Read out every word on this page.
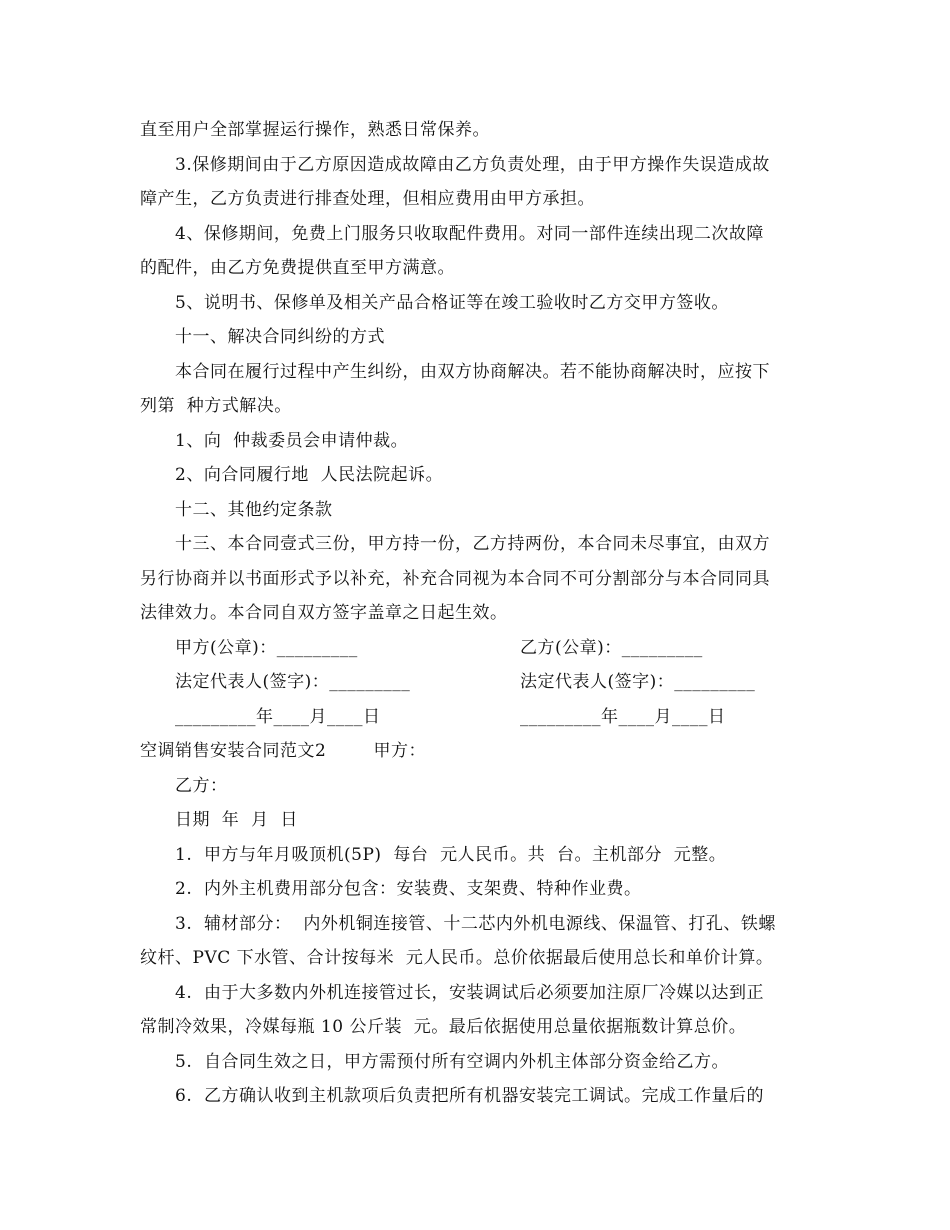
直至用户全部掌握运行操作，熟悉日常保养。
3.保修期间由于乙方原因造成故障由乙方负责处理，由于甲方操作失误造成故
障产生，乙方负责进行排查处理，但相应费用由甲方承担。
4、保修期间，免费上门服务只收取配件费用。对同一部件连续出现二次故障
的配件，由乙方免费提供直至甲方满意。
5、说明书、保修单及相关产品合格证等在竣工验收时乙方交甲方签收。
十一、解决合同纠纷的方式
本合同在履行过程中产生纠纷，由双方协商解决。若不能协商解决时，应按下
列第  种方式解决。
1、向  仲裁委员会申请仲裁。
2、向合同履行地  人民法院起诉。
十二、其他约定条款
十三、本合同壹式三份，甲方持一份，乙方持两份，本合同未尽事宜，由双方
另行协商并以书面形式予以补充，补充合同视为本合同不可分割部分与本合同同具
法律效力。本合同自双方签字盖章之日起生效。
甲方(公章)：_________	乙方(公章)：_________
法定代表人(签字)：_________	法定代表人(签字)：_________
_________年____月____日	_________年____月____日
空调销售安装合同范文2        甲方：
乙方：
日期  年  月  日
1.  甲方与年月吸顶机(5P)  每台  元人民币。共  台。主机部分  元整。
2.  内外主机费用部分包含：安装费、支架费、特种作业费。
3.  辅材部分：  内外机铜连接管、十二芯内外机电源线、保温管、打孔、铁螺
纹杆、PVC 下水管、合计按每米  元人民币。总价依据最后使用总长和单价计算。
4.  由于大多数内外机连接管过长，安装调试后必须要加注原厂冷媒以达到正
常制冷效果，冷媒每瓶 10 公斤装  元。最后依据使用总量依据瓶数计算总价。
5.  自合同生效之日，甲方需预付所有空调内外机主体部分资金给乙方。
6.  乙方确认收到主机款项后负责把所有机器安装完工调试。完成工作量后的
